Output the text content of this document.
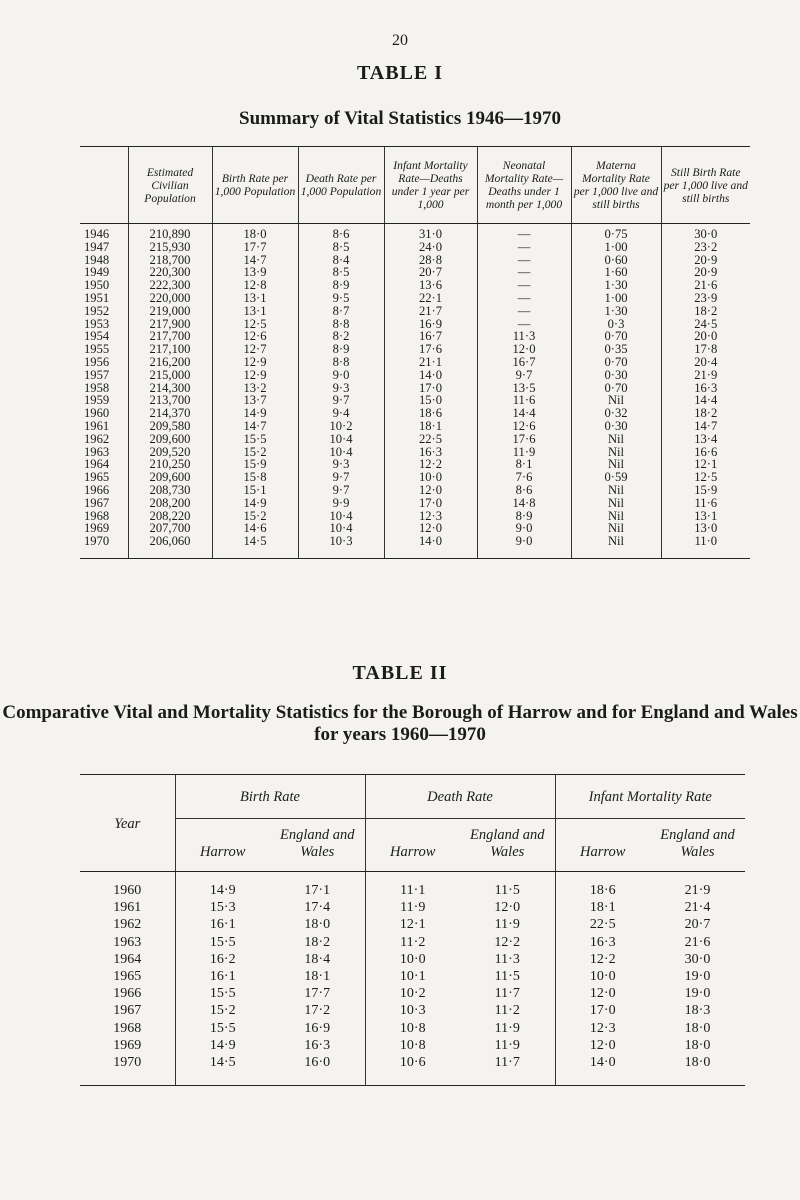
20
TABLE I
Summary of Vital Statistics 1946—1970
	Estimated Civilian Population	Birth Rate per 1,000 Population	Death Rate per 1,000 Population	Infant Mortality Rate—Deaths under 1 year per 1,000	Neonatal Mortality Rate—Deaths under 1 month per 1,000	Materna Mortality Rate per 1,000 live and still births	Still Birth Rate per 1,000 live and still births
1946	210,890	18·0	8·6	31·0	—	0·75	30·0
1947	215,930	17·7	8·5	24·0	—	1·00	23·2
1948	218,700	14·7	8·4	28·8	—	0·60	20·9
1949	220,300	13·9	8·5	20·7	—	1·60	20·9
1950	222,300	12·8	8·9	13·6	—	1·30	21·6
1951	220,000	13·1	9·5	22·1	—	1·00	23·9
1952	219,000	13·1	8·7	21·7	—	1·30	18·2
1953	217,900	12·5	8·8	16·9	—	0·3	24·5
1954	217,700	12·6	8·2	16·7	11·3	0·70	20·0
1955	217,100	12·7	8·9	17·6	12·0	0·35	17·8
1956	216,200	12·9	8·8	21·1	16·7	0·70	20·4
1957	215,000	12·9	9·0	14·0	9·7	0·30	21·9
1958	214,300	13·2	9·3	17·0	13·5	0·70	16·3
1959	213,700	13·7	9·7	15·0	11·6	Nil	14·4
1960	214,370	14·9	9·4	18·6	14·4	0·32	18·2
1961	209,580	14·7	10·2	18·1	12·6	0·30	14·7
1962	209,600	15·5	10·4	22·5	17·6	Nil	13·4
1963	209,520	15·2	10·4	16·3	11·9	Nil	16·6
1964	210,250	15·9	9·3	12·2	8·1	Nil	12·1
1965	209,600	15·8	9·7	10·0	7·6	0·59	12·5
1966	208,730	15·1	9·7	12·0	8·6	Nil	15·9
1967	208,200	14·9	9·9	17·0	14·8	Nil	11·6
1968	208,220	15·2	10·4	12·3	8·9	Nil	13·1
1969	207,700	14·6	10·4	12·0	9·0	Nil	13·0
1970	206,060	14·5	10·3	14·0	9·0	Nil	11·0
TABLE II
Comparative Vital and Mortality Statistics for the Borough of Harrow and for England and Wales for years 1960—1970
Year	Birth Rate		Death Rate		Infant Mortality Rate	
	Harrow	England and Wales	Harrow	England and Wales	Harrow	England and Wales
1960	14·9	17·1	11·1	11·5	18·6	21·9
1961	15·3	17·4	11·9	12·0	18·1	21·4
1962	16·1	18·0	12·1	11·9	22·5	20·7
1963	15·5	18·2	11·2	12·2	16·3	21·6
1964	16·2	18·4	10·0	11·3	12·2	30·0
1965	16·1	18·1	10·1	11·5	10·0	19·0
1966	15·5	17·7	10·2	11·7	12·0	19·0
1967	15·2	17·2	10·3	11·2	17·0	18·3
1968	15·5	16·9	10·8	11·9	12·3	18·0
1969	14·9	16·3	10·8	11·9	12·0	18·0
1970	14·5	16·0	10·6	11·7	14·0	18·0
